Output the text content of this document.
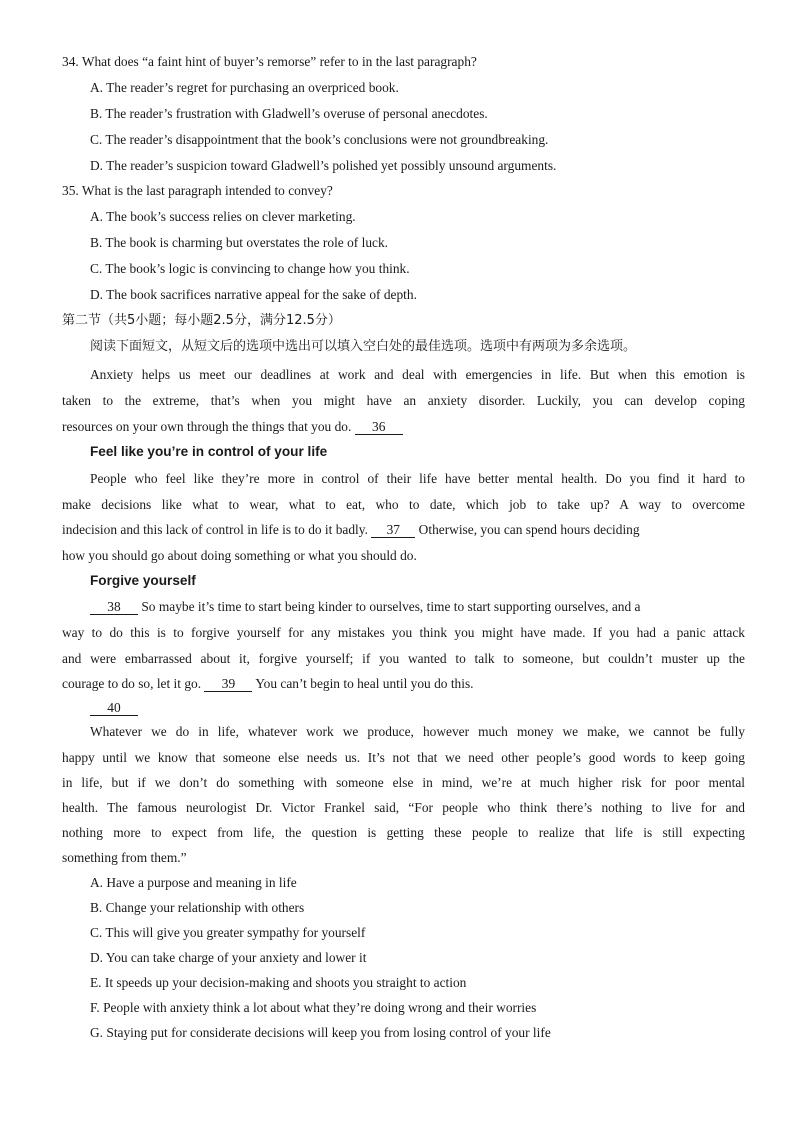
34. What does “a faint hint of buyer’s remorse” refer to in the last paragraph?
A. The reader’s regret for purchasing an overpriced book.
B. The reader’s frustration with Gladwell’s overuse of personal anecdotes.
C. The reader’s disappointment that the book’s conclusions were not groundbreaking.
D. The reader’s suspicion toward Gladwell’s polished yet possibly unsound arguments.
35. What is the last paragraph intended to convey?
A. The book’s success relies on clever marketing.
B. The book is charming but overstates the role of luck.
C. The book’s logic is convincing to change how you think.
D. The book sacrifices narrative appeal for the sake of depth.
第二节（共5小题；每小题2.5分，满分12.5分）
阅读下面短文，从短文后的选项中选出可以填入空白处的最佳选项。选项中有两项为多余选项。
Anxiety helps us meet our deadlines at work and deal with emergencies in life. But when this emotion is
taken to the extreme, that’s when you might have an anxiety disorder. Luckily, you can develop coping
resources on your own through the things that you do. 36
Feel like you’re in control of your life
People who feel like they’re more in control of their life have better mental health. Do you find it hard to
make decisions like what to wear, what to eat, who to date, which job to take up? A way to overcome
indecision and this lack of control in life is to do it badly. 37 Otherwise, you can spend hours deciding
how you should go about doing something or what you should do.
Forgive yourself
38 So maybe it’s time to start being kinder to ourselves, time to start supporting ourselves, and a
way to do this is to forgive yourself for any mistakes you think you might have made. If you had a panic attack
and were embarrassed about it, forgive yourself; if you wanted to talk to someone, but couldn’t muster up the
courage to do so, let it go. 39 You can’t begin to heal until you do this.
40
Whatever we do in life, whatever work we produce, however much money we make, we cannot be fully
happy until we know that someone else needs us. It’s not that we need other people’s good words to keep going
in life, but if we don’t do something with someone else in mind, we’re at much higher risk for poor mental
health. The famous neurologist Dr. Victor Frankel said, “For people who think there’s nothing to live for and
nothing more to expect from life, the question is getting these people to realize that life is still expecting
something from them.”
A. Have a purpose and meaning in life
B. Change your relationship with others
C. This will give you greater sympathy for yourself
D. You can take charge of your anxiety and lower it
E. It speeds up your decision-making and shoots you straight to action
F. People with anxiety think a lot about what they’re doing wrong and their worries
G. Staying put for considerate decisions will keep you from losing control of your life
